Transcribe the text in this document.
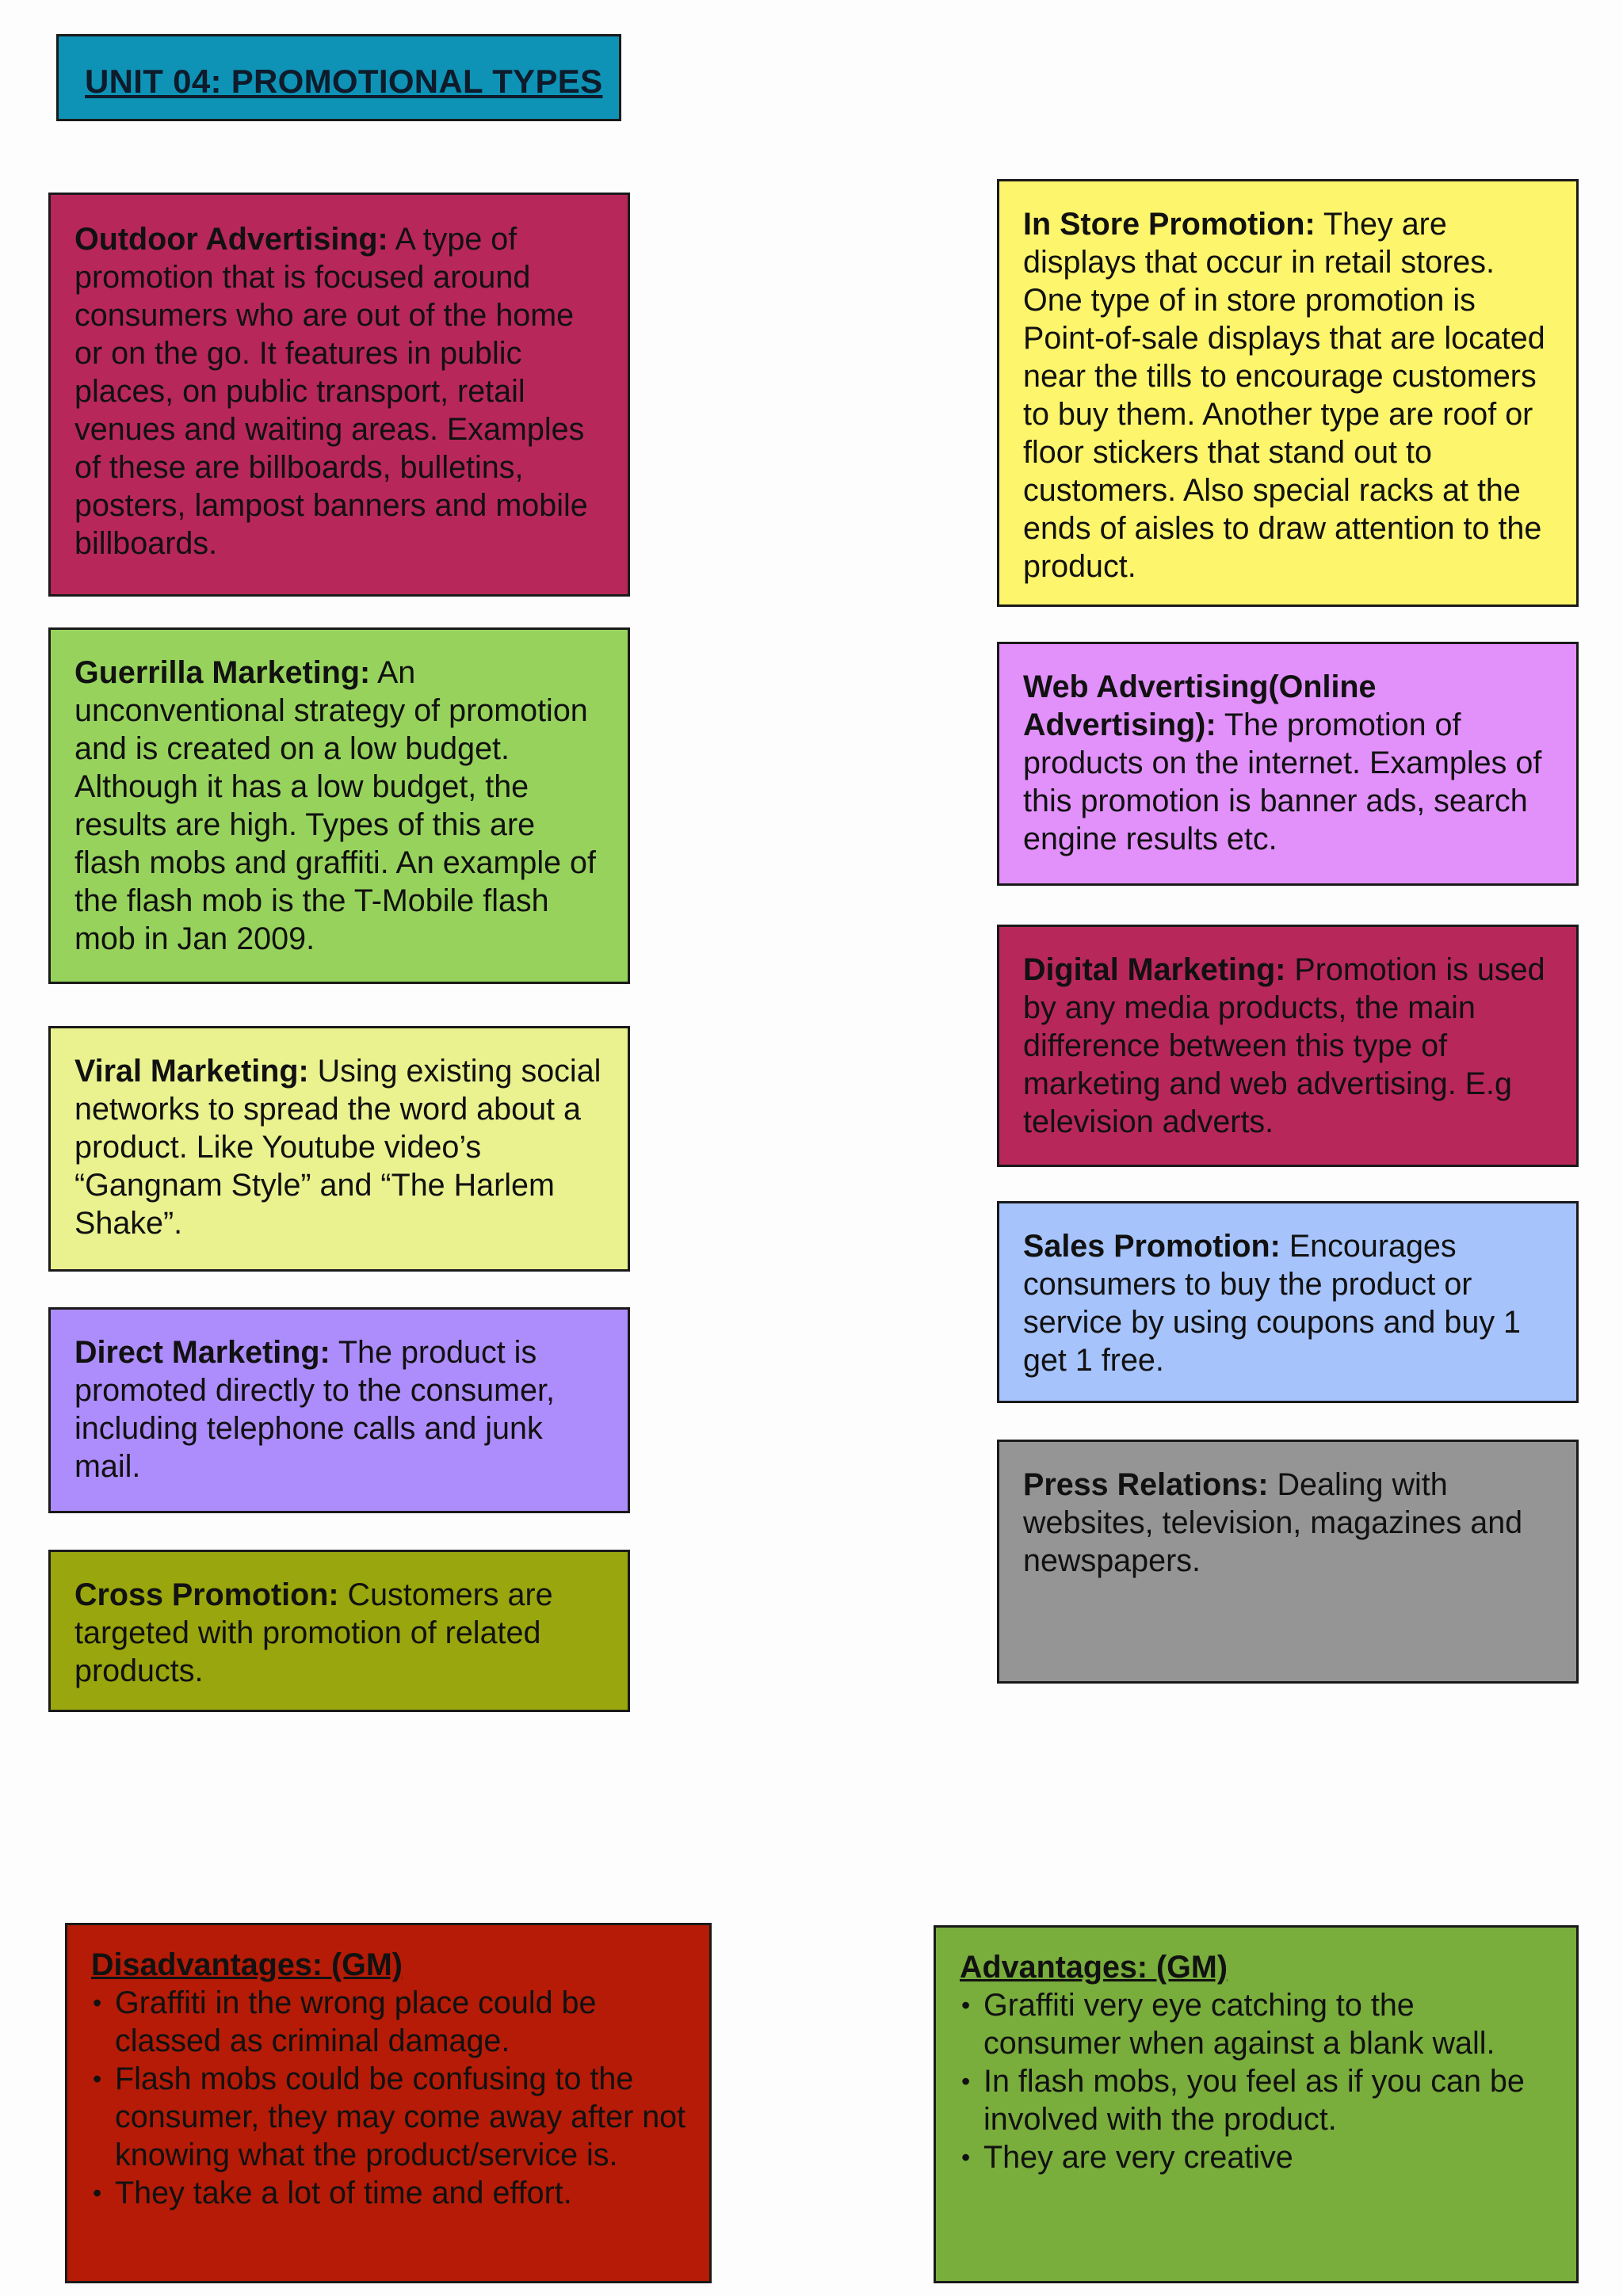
UNIT 04: PROMOTIONAL TYPES
Outdoor Advertising: A type of promotion that is focused around consumers who are out of the home or on the go. It features in public places, on public transport, retail venues and waiting areas. Examples of these are billboards, bulletins, posters, lampost banners and mobile billboards.
Guerrilla Marketing: An unconventional strategy of promotion and is created on a low budget. Although it has a low budget, the results are high. Types of this are flash mobs and graffiti. An example of the flash mob is the T-Mobile flash mob in Jan 2009.
Viral Marketing: Using existing social networks to spread the word about a product. Like Youtube video’s “Gangnam Style” and “The Harlem Shake”.
Direct Marketing: The product is promoted directly to the consumer, including telephone calls and junk mail.
Cross Promotion: Customers are targeted with promotion of related products.
In Store Promotion: They are displays that occur in retail stores. One type of in store promotion is Point-of-sale displays that are located near the tills to encourage customers to buy them. Another type are roof or floor stickers that stand out to customers. Also special racks at the ends of aisles to draw attention to the product.
Web Advertising(Online Advertising): The promotion of products on the internet. Examples of this promotion is banner ads, search engine results etc.
Digital Marketing: Promotion is used by any media products, the main difference between this type of marketing and web advertising. E.g television adverts.
Sales Promotion: Encourages consumers to buy the product or service by using coupons and buy 1 get 1 free.
Press Relations: Dealing with websites, television, magazines and newspapers.
Disadvantages: (GM)
• Graffiti in the wrong place could be classed as criminal damage.
• Flash mobs could be confusing to the consumer, they may come away after not knowing what the product/service is.
• They take a lot of time and effort.
Advantages: (GM)
• Graffiti very eye catching to the consumer when against a blank wall.
• In flash mobs, you feel as if you can be involved with the product.
• They are very creative
